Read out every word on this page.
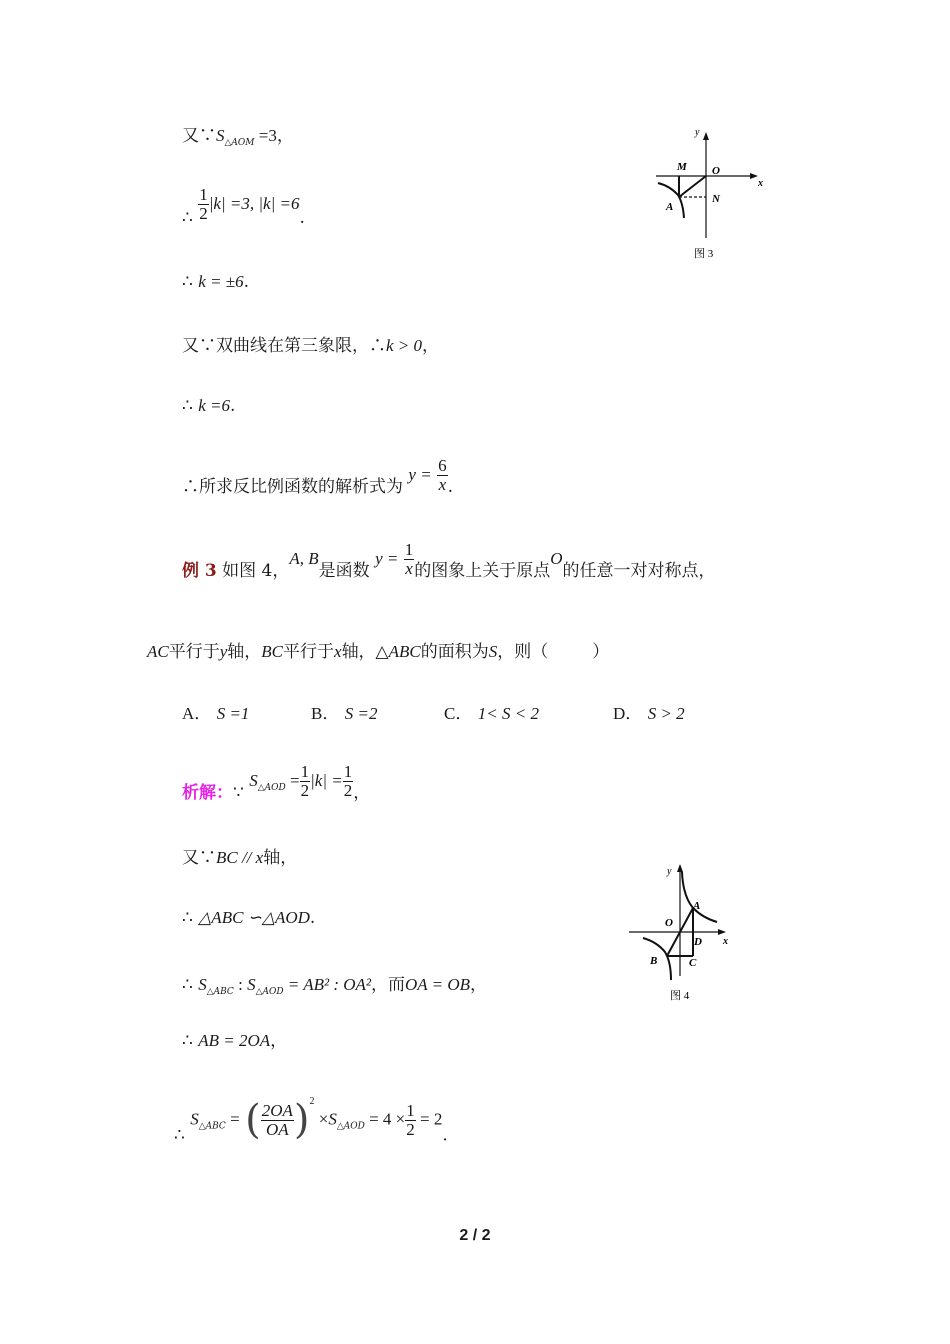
又$\because S_{\triangle AOM} =3$，
∴ $\frac{1}{2} |k| =3$, |k| =6.
∴ k = ±6.
又∵双曲线在第三象限，∴k > 0，
∴ k =6.
∴所求反比例函数的解析式为 $y = \frac{6}{x}$ .
例 3 如图 4，A, B是函数 $y = \frac{1}{x}$ 的图象上关于原点O的任意一对对称点，
AC平行于y轴，BC平行于x轴，△ABC的面积为S，则（	）
A． S =1	B． S =2	C． 1< S < 2	D． S > 2
析解：∵ $S_{\triangle AOD} = \frac{1}{2} |k| = \frac{1}{2}$ ，
又∵BC // x轴，
∴ △ABC ∽△AOD.
∴ $S_{\triangle ABC}$ : $S_{\triangle AOD} = AB^2$ : OA²，而OA = OB，
∴ AB = 2OA，
∴ $S_{\triangle ABC}$ = ( $\frac{2OA}{OA} )^2 \times S_{\triangle AOD} = 4 \times \frac{1}{2} = 2$.
y
x
M O
N
A
图 3
y
x
O
A
D
B	C
图 4
2 / 2
